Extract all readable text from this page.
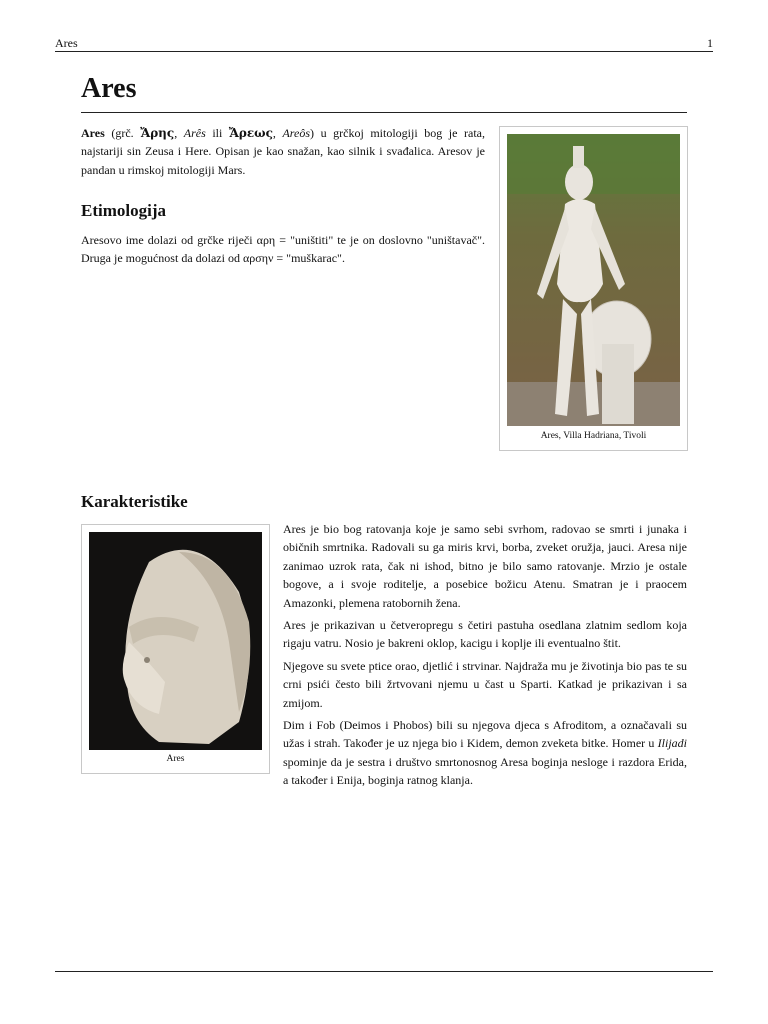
Ares	1
Ares

Ares (grč. Ἄρης, Arês ili Ἄρεως, Areôs) u grčkoj mitologiji bog je rata, najstariji sin Zeusa i Here. Opisan je kao snažan, kao silnik i svađalica. Aresov je pandan u rimskoj mitologiji Mars.

Etimologija

Aresovo ime dolazi od grčke riječi αρη = "uništiti" te je on doslovno "uništavač". Druga je mogućnost da dolazi od αρσην = "muškarac".

Ares, Villa Hadriana, Tivoli
Karakteristike
Ares

Ares je bio bog ratovanja koje je samo sebi svrhom, radovao se smrti i junaka i običnih smrtnika. Radovali su ga miris krvi, borba, zveket oružja, jauci. Aresa nije zanimao uzrok rata, čak ni ishod, bitno je bilo samo ratovanje. Mrzio je ostale bogove, a i svoje roditelje, a posebice božicu Atenu. Smatran je i praocem Amazonki, plemena ratobornih žena.

Ares je prikazivan u četveropregu s četiri pastuha osedlana zlatnim sedlom koja rigaju vatru. Nosio je bakreni oklop, kacigu i koplje ili eventualno štit.

Njegove su svete ptice orao, djetlić i strvinar. Najdraža mu je životinja bio pas te su crni psići često bili žrtvovani njemu u čast u Sparti. Katkad je prikazivan i sa zmijom.

Dim i Fob (Deimos i Phobos) bili su njegova djeca s Afroditom, a označavali su užas i strah. Također je uz njega bio i Kidem, demon zveketa bitke. Homer u Ilijadi spominje da je sestra i društvo smrtonosnog Aresa boginja nesloge i razdora Erida, a također i Enija, boginja ratnog klanja.
